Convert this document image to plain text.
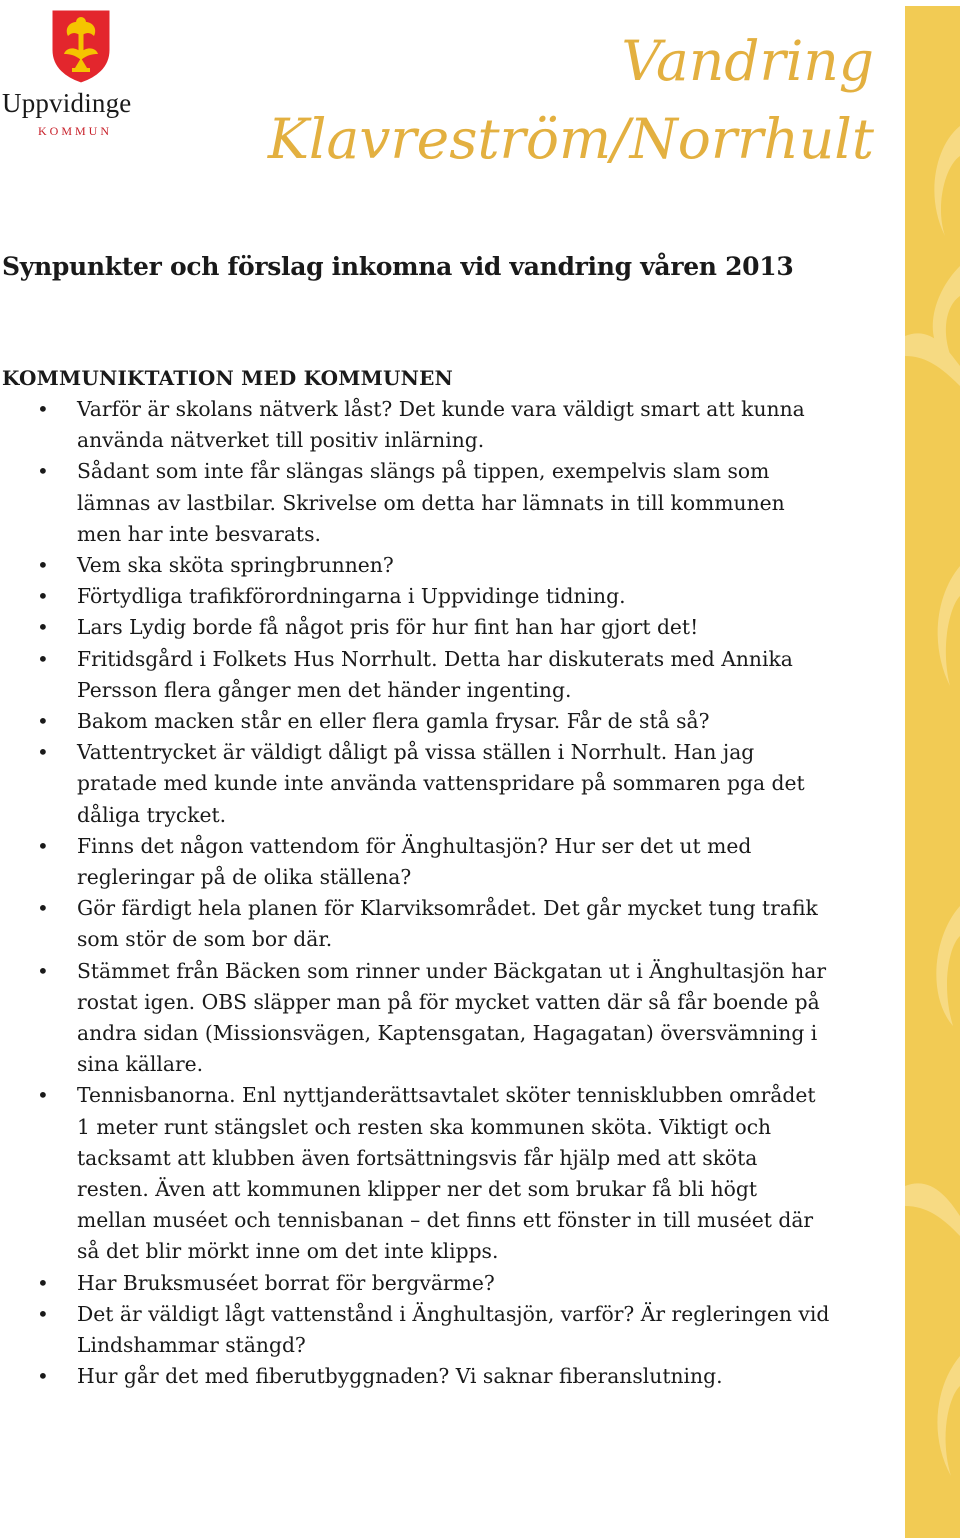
Uppvidinge
KOMMUN
Vandring
Klavreström/Norrhult
Synpunkter och förslag inkomna vid vandring våren 2013
KOMMUNIKTATION MED KOMMUNEN
• Varför är skolans nätverk låst? Det kunde vara väldigt smart att kunna använda nätverket till positiv inlärning.
• Sådant som inte får slängas slängs på tippen, exempelvis slam som lämnas av lastbilar. Skrivelse om detta har lämnats in till kommunen men har inte besvarats.
• Vem ska sköta springbrunnen?
• Förtydliga trafikförordningarna i Uppvidinge tidning.
• Lars Lydig borde få något pris för hur fint han har gjort det!
• Fritidsgård i Folkets Hus Norrhult. Detta har diskuterats med Annika Persson flera gånger men det händer ingenting.
• Bakom macken står en eller flera gamla frysar. Får de stå så?
• Vattentrycket är väldigt dåligt på vissa ställen i Norrhult. Han jag pratade med kunde inte använda vattenspridare på sommaren pga det dåliga trycket.
• Finns det någon vattendom för Änghultasjön? Hur ser det ut med regleringar på de olika ställena?
• Gör färdigt hela planen för Klarviksområdet. Det går mycket tung trafik som stör de som bor där.
• Stämmet från Bäcken som rinner under Bäckgatan ut i Änghultasjön har rostat igen. OBS släpper man på för mycket vatten där så får boende på andra sidan (Missionsvägen, Kaptensgatan, Hagagatan) översvämning i sina källare.
• Tennisbanorna. Enl nyttjanderättsavtalet sköter tennisklubben området 1 meter runt stängslet och resten ska kommunen sköta. Viktigt och tacksamt att klubben även fortsättningsvis får hjälp med att sköta resten. Även att kommunen klipper ner det som brukar få bli högt mellan muséet och tennisbanan – det finns ett fönster in till muséet där så det blir mörkt inne om det inte klipps.
• Har Bruksmuséet borrat för bergvärme?
• Det är väldigt lågt vattenstånd i Änghultasjön, varför? Är regleringen vid Lindshammar stängd?
• Hur går det med fiberutbyggnaden? Vi saknar fiberanslutning.
